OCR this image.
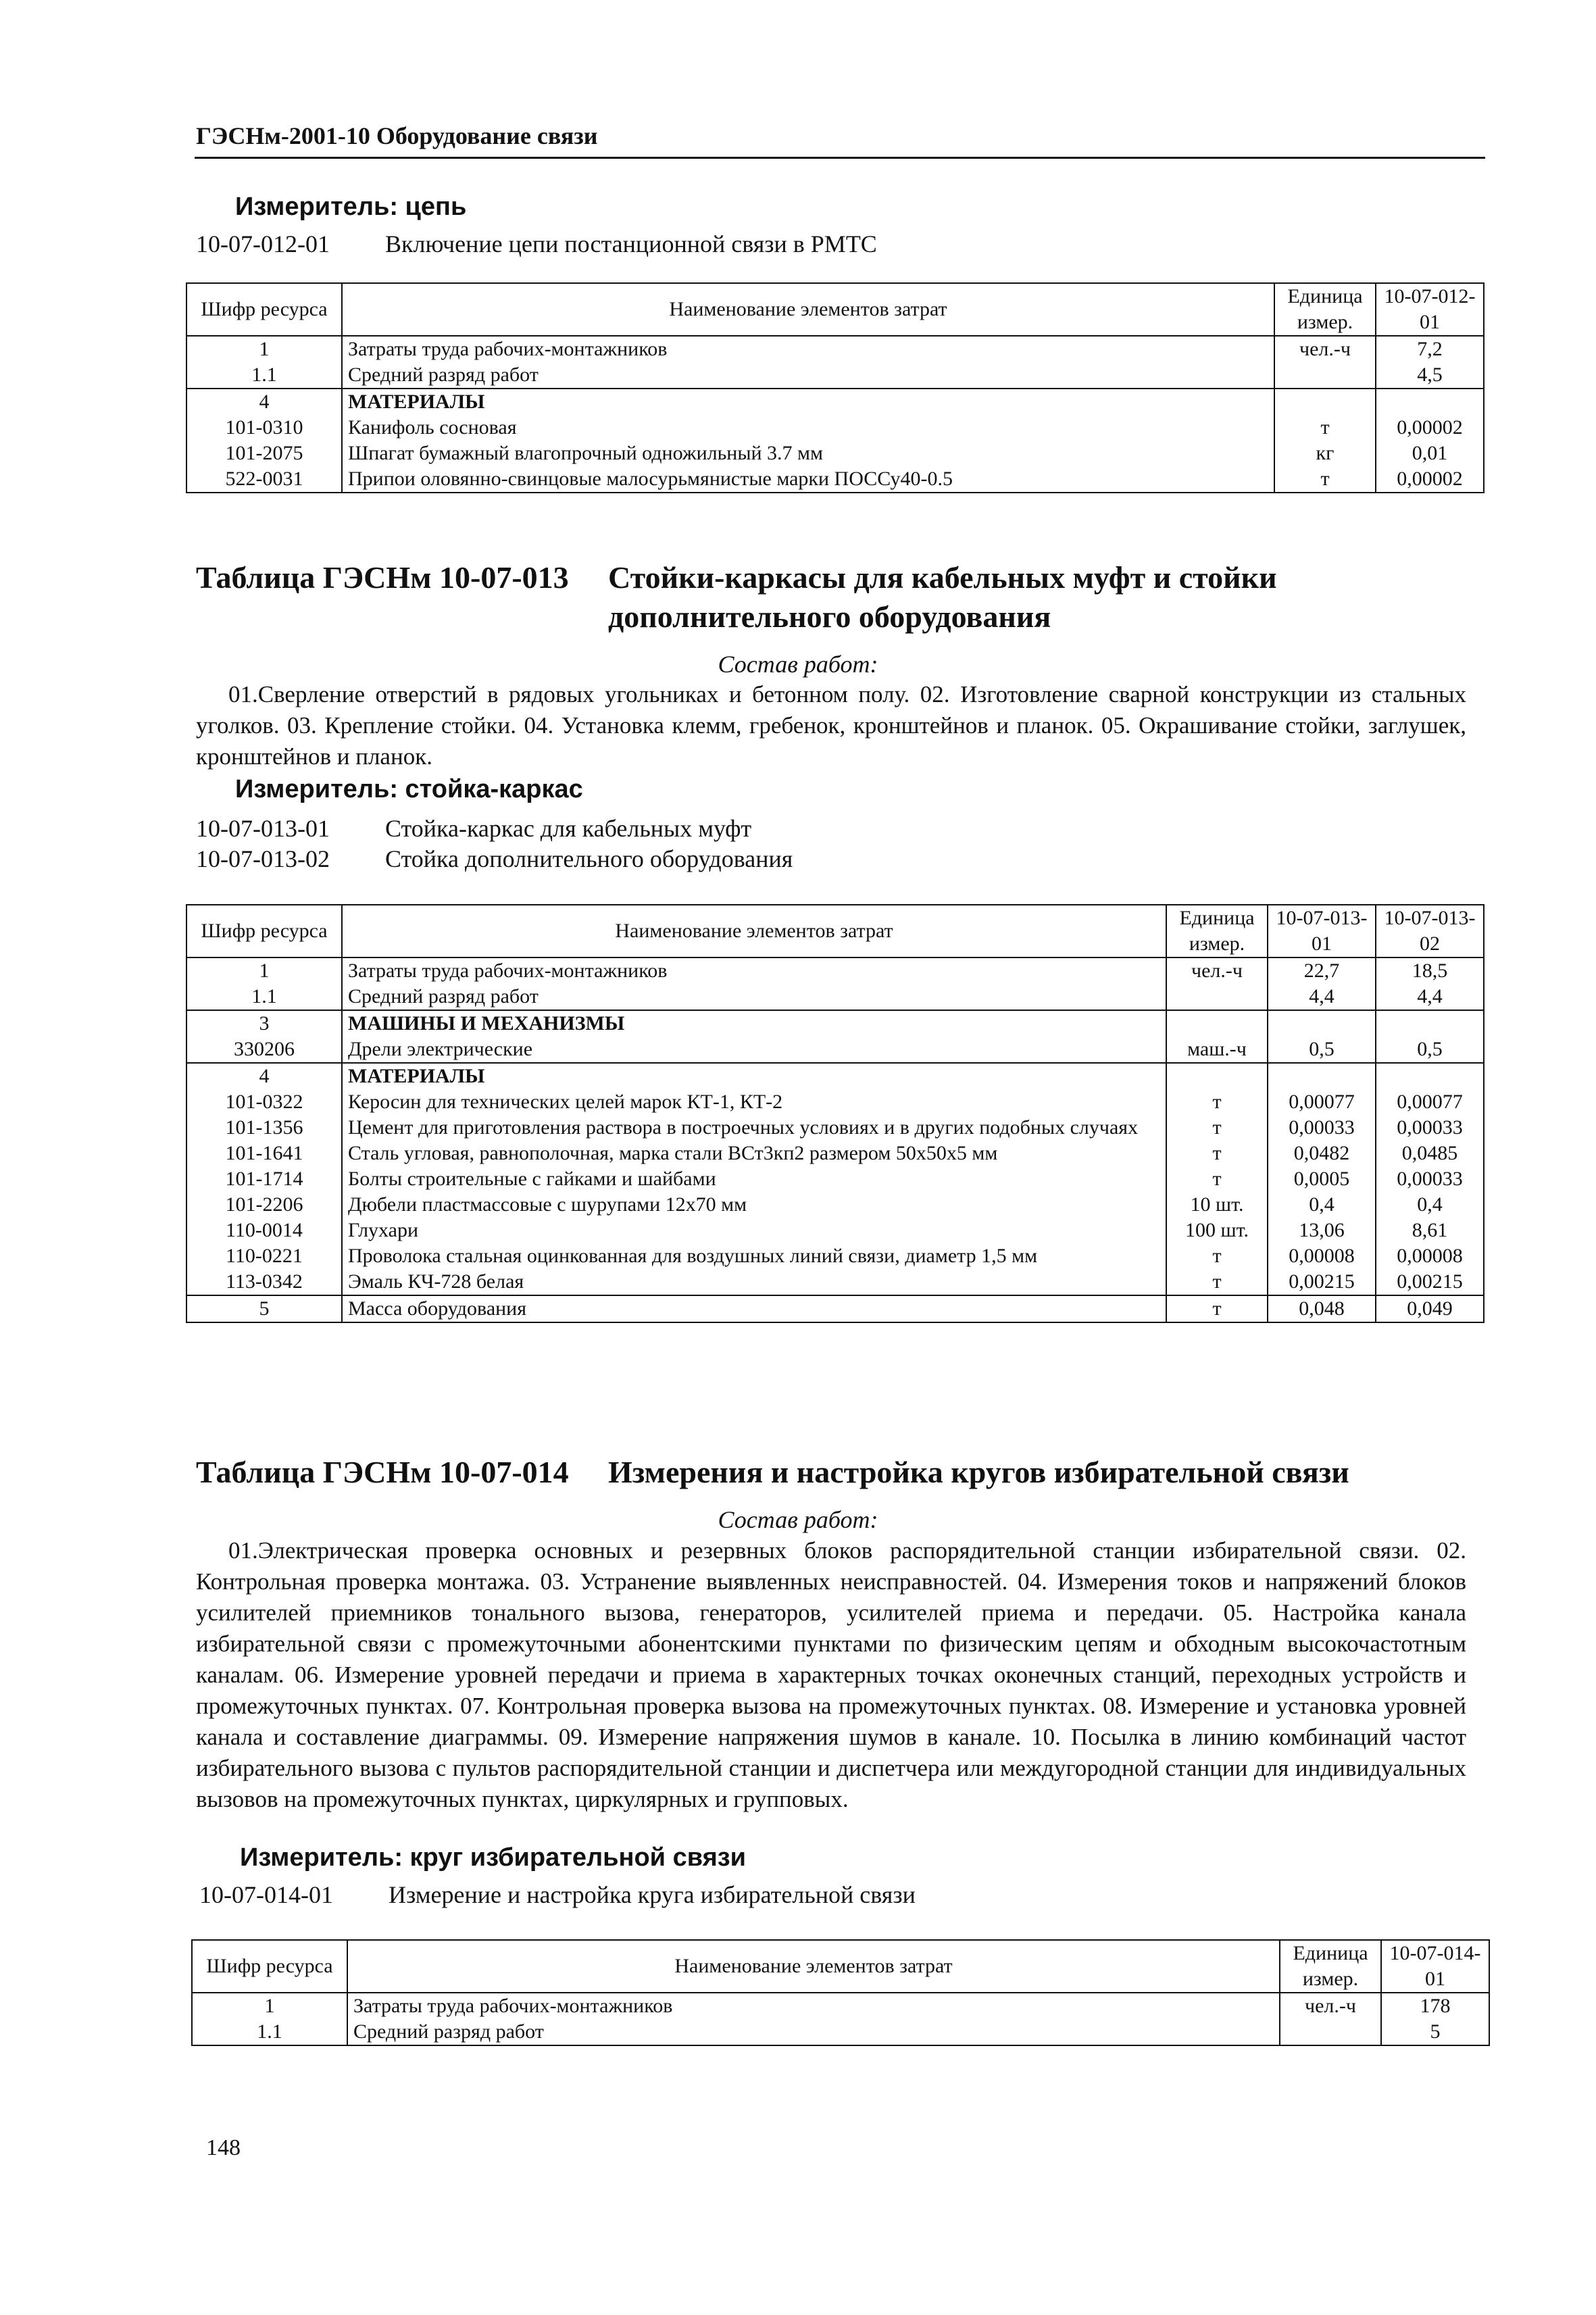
ГЭСНм-2001-10 Оборудование связи
Измеритель: цепь
10-07-012-01	Включение цепи постанционной связи в РМТС
Шифр ресурса	Наименование элементов затрат	Единица измер.	10-07-012-01
1	Затраты труда рабочих-монтажников	чел.-ч	7,2
1.1	Средний разряд работ		4,5
4	МАТЕРИАЛЫ		
101-0310	Канифоль сосновая	т	0,00002
101-2075	Шпагат бумажный влагопрочный одножильный 3.7 мм	кг	0,01
522-0031	Припои оловянно-свинцовые малосурьмянистые марки ПОССу40-0.5	т	0,00002
Таблица ГЭСНм 10-07-013 Стойки-каркасы для кабельных муфт и стойки
дополнительного оборудования
Состав работ:
01.Сверление отверстий в рядовых угольниках и бетонном полу. 02. Изготовление сварной конструкции из стальных уголков. 03. Крепление стойки. 04. Установка клемм, гребенок, кронштейнов и планок. 05. Окрашивание стойки, заглушек, кронштейнов и планок.
Измеритель: стойка-каркас
10-07-013-01	Стойка-каркас для кабельных муфт
10-07-013-02	Стойка дополнительного оборудования
Шифр ресурса	Наименование элементов затрат	Единица измер.	10-07-013-01	10-07-013-02
1	Затраты труда рабочих-монтажников	чел.-ч	22,7	18,5
1.1	Средний разряд работ		4,4	4,4
3	МАШИНЫ И МЕХАНИЗМЫ			
330206	Дрели электрические	маш.-ч	0,5	0,5
4	МАТЕРИАЛЫ			
101-0322	Керосин для технических целей марок КТ-1, КТ-2	т	0,00077	0,00077
101-1356	Цемент для приготовления раствора в построечных условиях и в других подобных случаях	т	0,00033	0,00033
101-1641	Сталь угловая, равнополочная, марка стали ВСт3кп2 размером 50х50х5 мм	т	0,0482	0,0485
101-1714	Болты строительные с гайками и шайбами	т	0,0005	0,00033
101-2206	Дюбели пластмассовые с шурупами 12х70 мм	10 шт.	0,4	0,4
110-0014	Глухари	100 шт.	13,06	8,61
110-0221	Проволока стальная оцинкованная для воздушных линий связи, диаметр 1,5 мм	т	0,00008	0,00008
113-0342	Эмаль КЧ-728 белая	т	0,00215	0,00215
5	Масса оборудования	т	0,048	0,049
Таблица ГЭСНм 10-07-014 Измерения и настройка кругов избирательной связи
Состав работ:
01.Электрическая проверка основных и резервных блоков распорядительной станции избирательной связи. 02. Контрольная проверка монтажа. 03. Устранение выявленных неисправностей. 04. Измерения токов и напряжений блоков усилителей приемников тонального вызова, генераторов, усилителей приема и передачи. 05. Настройка канала избирательной связи с промежуточными абонентскими пунктами по физическим цепям и обходным высокочастотным каналам. 06. Измерение уровней передачи и приема в характерных точках оконечных станций, переходных устройств и промежуточных пунктах. 07. Контрольная проверка вызова на промежуточных пунктах. 08. Измерение и установка уровней канала и составление диаграммы. 09. Измерение напряжения шумов в канале. 10. Посылка в линию комбинаций частот избирательного вызова с пультов распорядительной станции и диспетчера или междугородной станции для индивидуальных вызовов на промежуточных пунктах, циркулярных и групповых.
Измеритель: круг избирательной связи
10-07-014-01	Измерение и настройка круга избирательной связи
Шифр ресурса	Наименование элементов затрат	Единица измер.	10-07-014-01
1	Затраты труда рабочих-монтажников	чел.-ч	178
1.1	Средний разряд работ		5
148
